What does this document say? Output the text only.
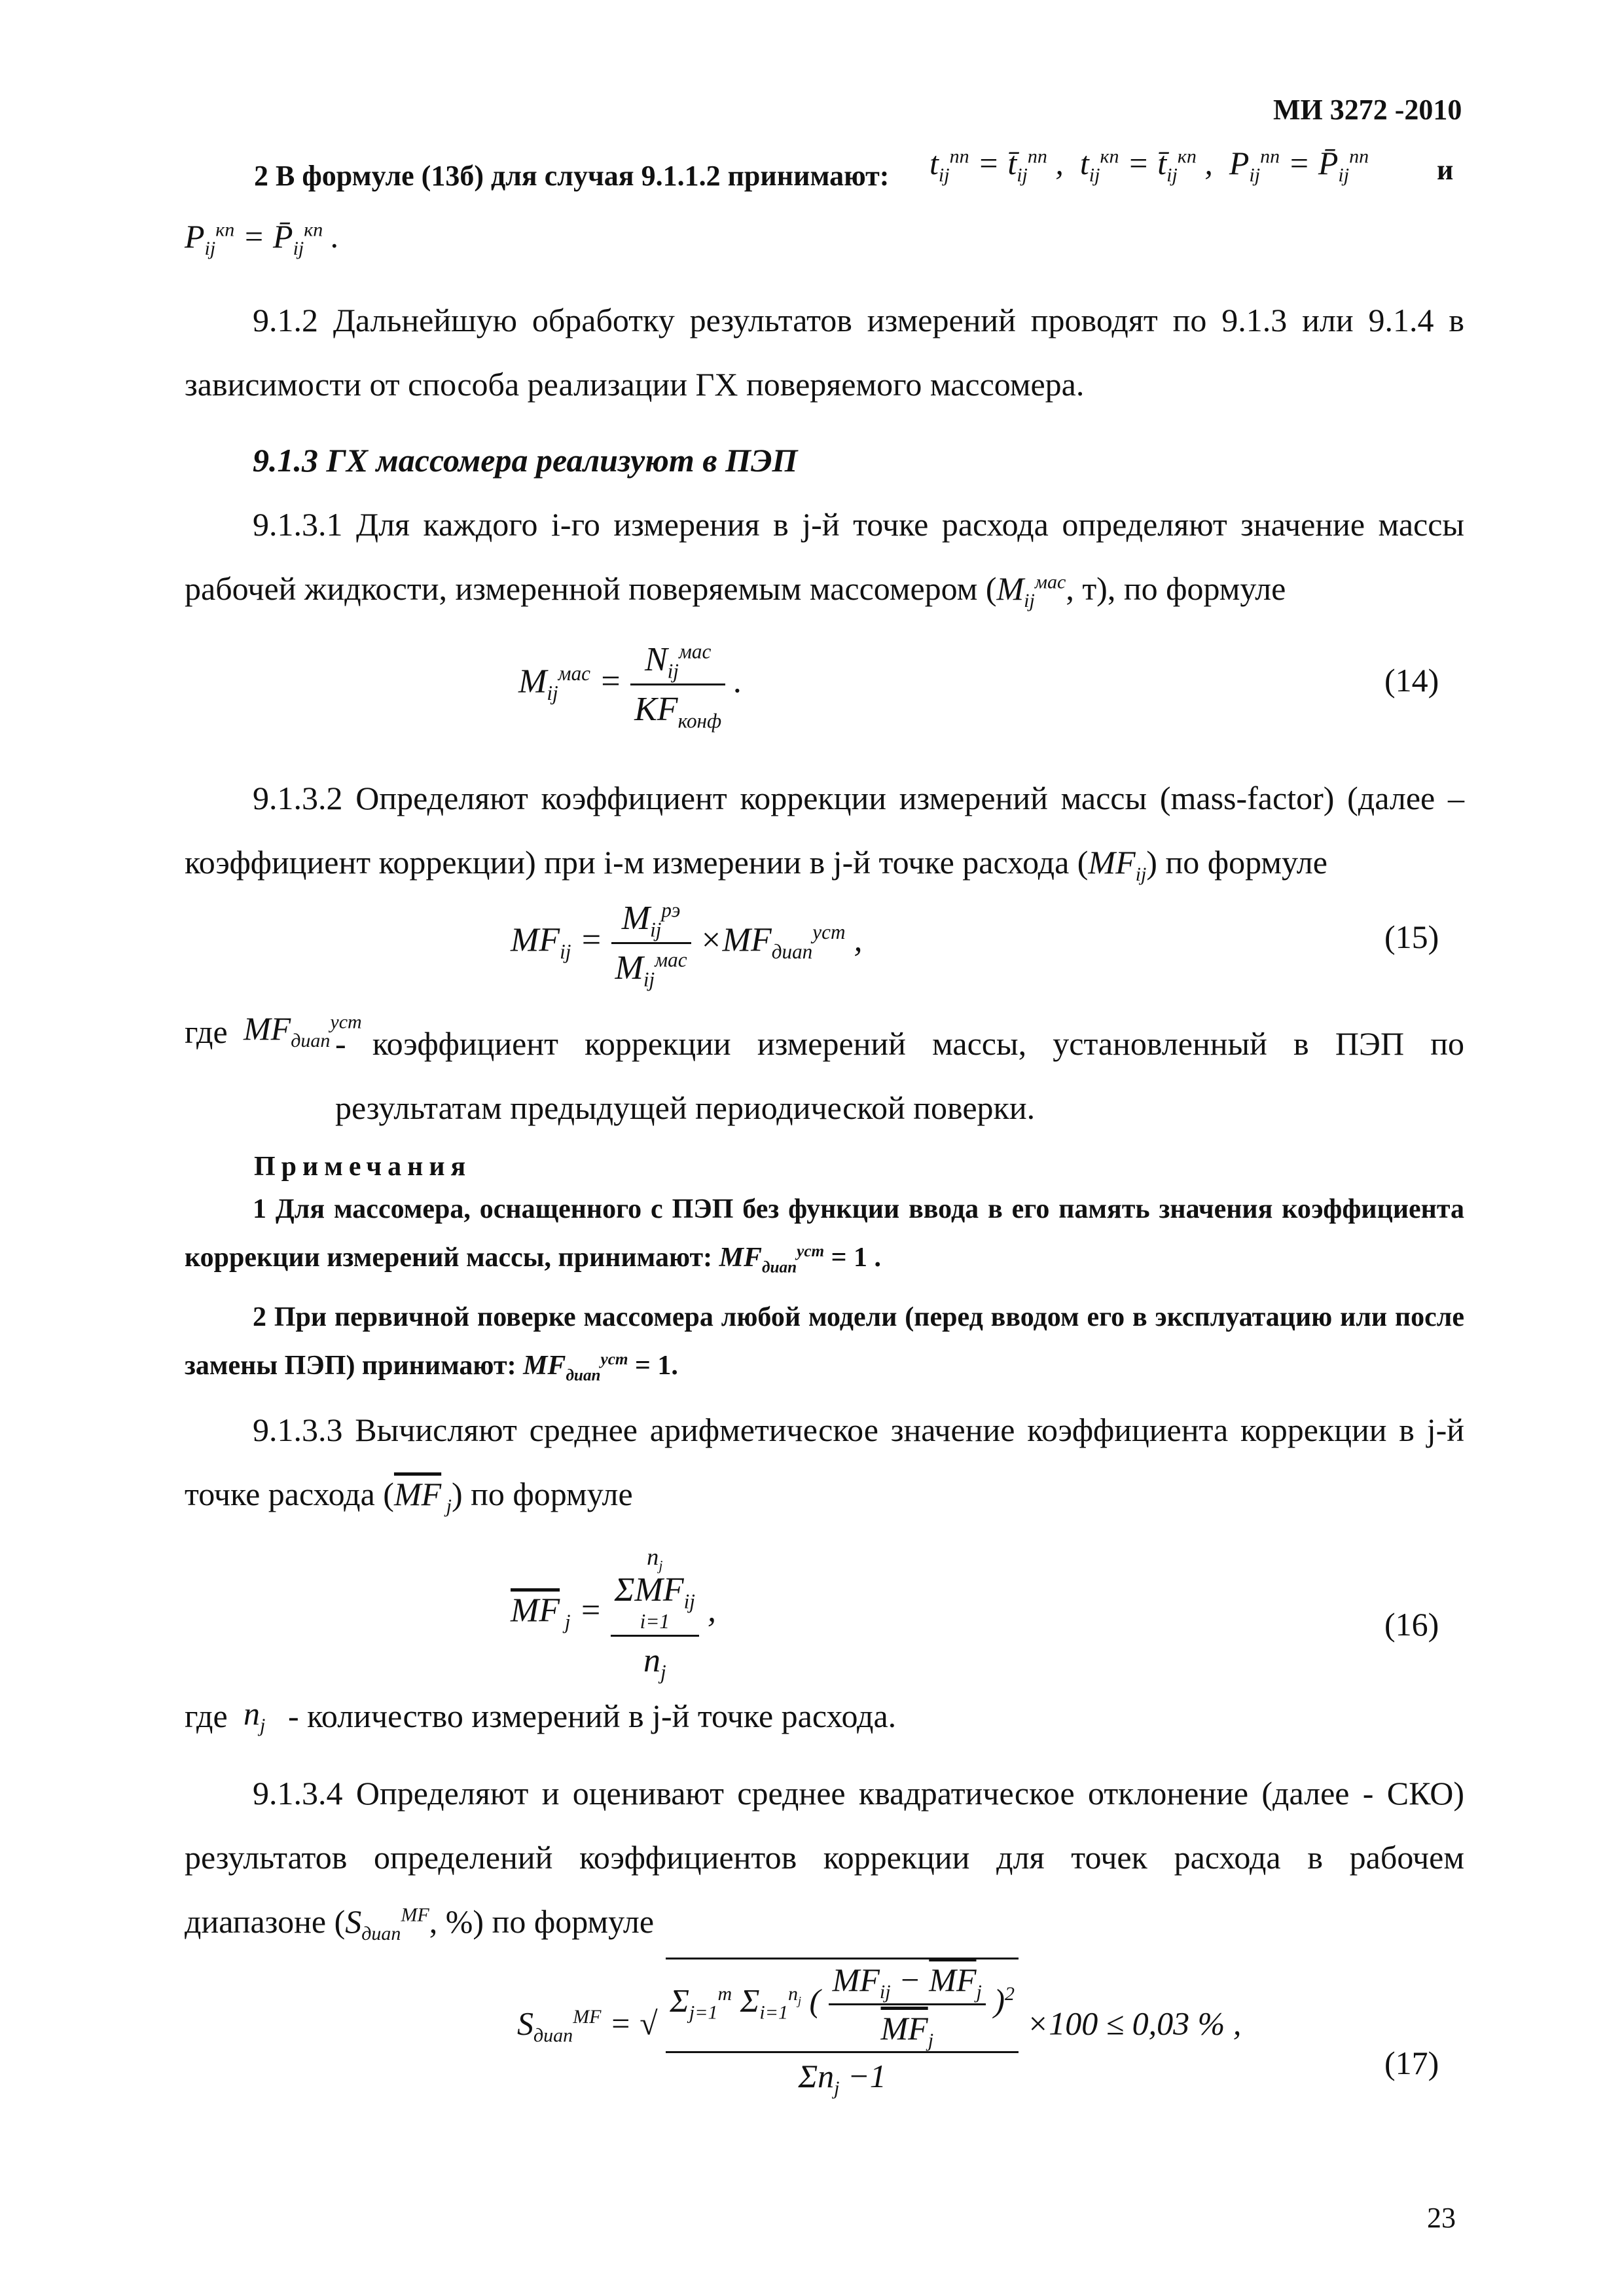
МИ 3272 -2010
2 В формуле (13б) для случая 9.1.1.2 принимают: $t_{ij}^{пп}$ = $t̄_{ij}^{пп}$ ,  $t_{ij}^{кп}$ = $t̄_{ij}^{кп}$ ,  $P_{ij}^{пп}$ = $P̄_{ij}^{пп}$ и
$P_{ij}^{кп}$ = $P̄_{ij}^{кп}$ .
9.1.2 Дальнейшую обработку результатов измерений проводят по 9.1.3 или 9.1.4 в зависимости от способа реализации ГХ поверяемого массомера.
9.1.3 ГХ массомера реализуют в ПЭП
9.1.3.1 Для каждого i-го измерения в j-й точке расхода определяют значение массы рабочей жидкости, измеренной поверяемым массомером ($M_{ij}^{мас}$, т), по формуле
$M_{ij}^{мас} = \frac{N_{ij}^{мас}}{KF_{конф}}$ .	(14)
9.1.3.2 Определяют коэффициент коррекции измерений массы (mass-factor) (далее – коэффициент коррекции) при i-м измерении в j-й точке расхода $(MF_{ij})$ по формуле
$MF_{ij} = \frac{M_{ij}^{рэ}}{M_{ij}^{мас}} \times MF_{диап}^{уст}$ ,	(15)
где $MF_{диап}^{уст}$
- коэффициент коррекции измерений массы, установленный в ПЭП по результатам предыдущей периодической поверки.
Примечания
1 Для массомера, оснащенного с ПЭП без функции ввода в его память значения коэффициента коррекции измерений массы, принимают: $MF_{диап}^{уст} = 1$ .
2 При первичной поверке массомера любой модели (перед вводом его в эксплуатацию или после замены ПЭП) принимают: $MF_{диап}^{уст} = 1$.
9.1.3.3 Вычисляют среднее арифметическое значение коэффициента коррекции в j-й точке расхода ($\overline{MF}$ $_j$) по формуле
$\overline{MF}$ $_j = n_j$
$\Sigma MF_{ij}$
i=1
$n_j$ ,	(16)
где $n_j$ - количество измерений в j-й точке расхода.
9.1.3.4 Определяют и оценивают среднее квадратическое отклонение (далее - СКО) результатов определений коэффициентов коррекции для точек расхода в рабочем диапазоне ($S_{диап}^{MF}$, %) по формуле
$S_{диап}^{MF}$ = √ $\frac{\Sigma_{j=1}^m \Sigma_{i=1}^{n_j} ( \frac{MF_{ij} - \overline{MF}_j}{\overline{MF}_j} )^2}{\Sigma n_j -1} \times 100 \le 0,03$ % ,
(17)
23
